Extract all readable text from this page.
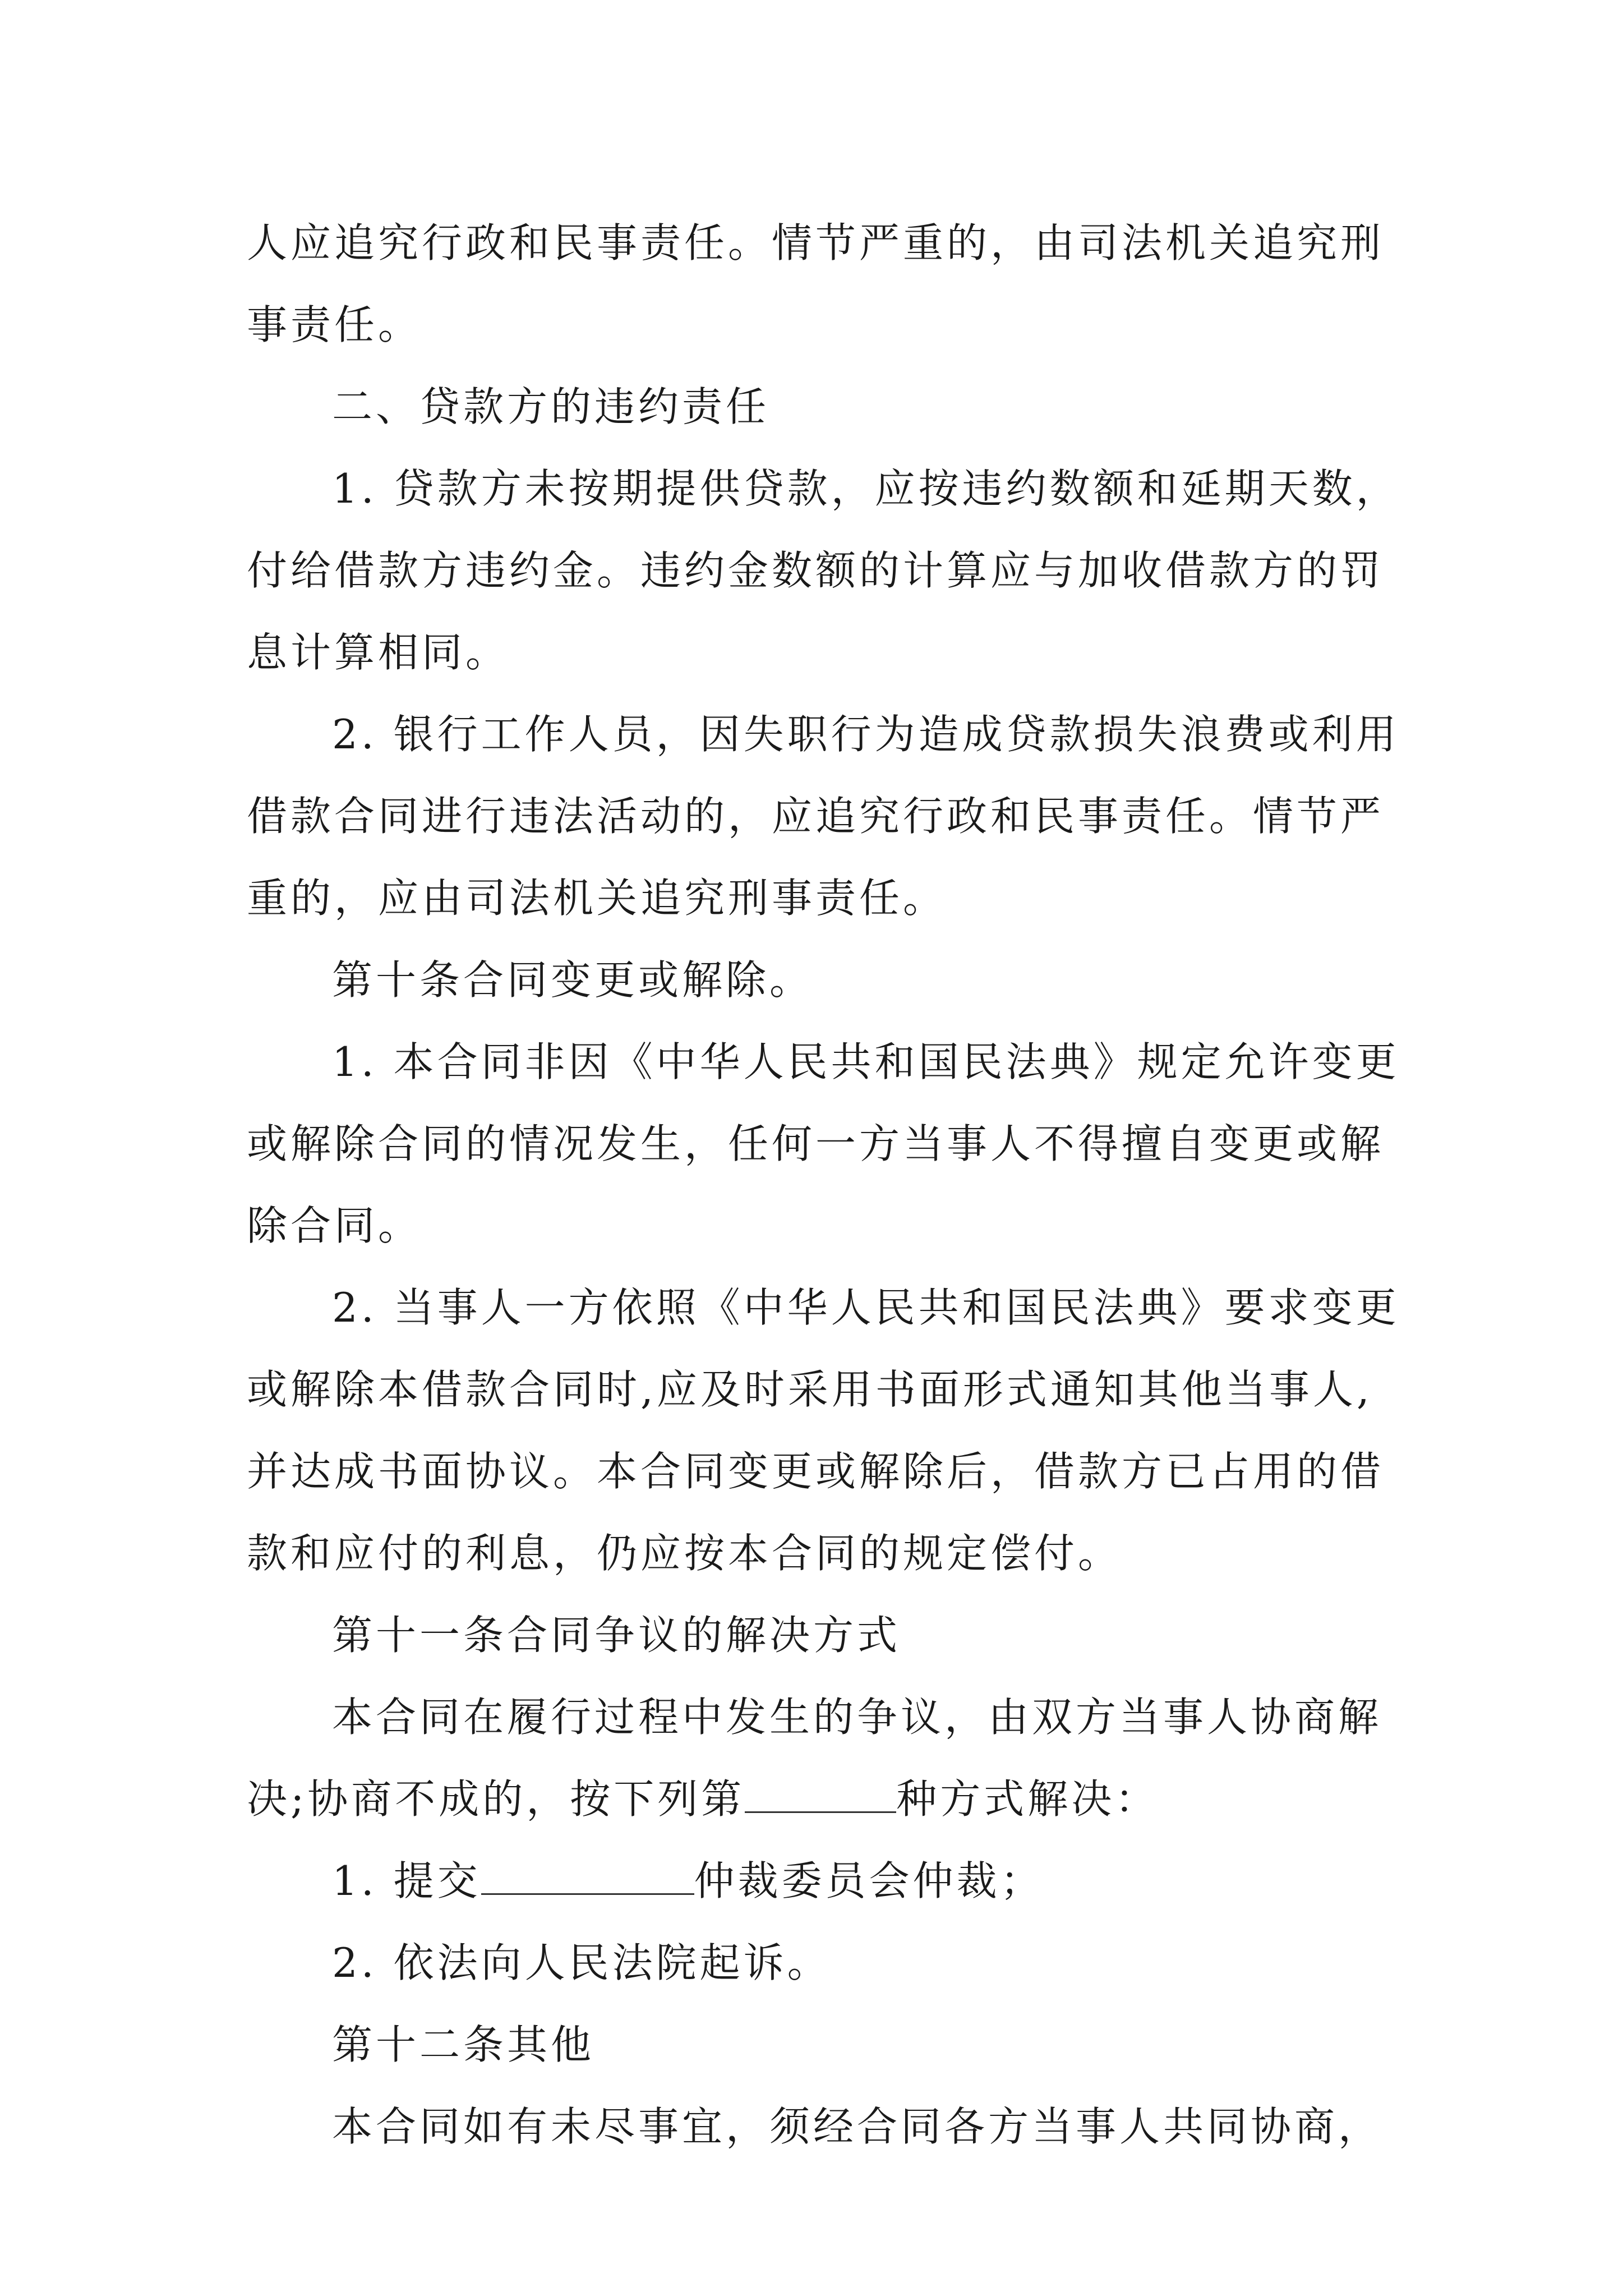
人应追究行政和民事责任。情节严重的，由司法机关追究刑
事责任。
二、贷款方的违约责任
1. 贷款方未按期提供贷款，应按违约数额和延期天数，
付给借款方违约金。违约金数额的计算应与加收借款方的罚
息计算相同。
2. 银行工作人员，因失职行为造成贷款损失浪费或利用
借款合同进行违法活动的，应追究行政和民事责任。情节严
重的，应由司法机关追究刑事责任。
第十条合同变更或解除。
1. 本合同非因《中华人民共和国民法典》规定允许变更
或解除合同的情况发生，任何一方当事人不得擅自变更或解
除合同。
2. 当事人一方依照《中华人民共和国民法典》要求变更
或解除本借款合同时,应及时采用书面形式通知其他当事人,
并达成书面协议。本合同变更或解除后，借款方已占用的借
款和应付的利息，仍应按本合同的规定偿付。
第十一条合同争议的解决方式
本合同在履行过程中发生的争议，由双方当事人协商解
决;协商不成的，按下列第	种方式解决：
1. 提交	仲裁委员会仲裁；
2. 依法向人民法院起诉。
第十二条其他
本合同如有未尽事宜，须经合同各方当事人共同协商，
